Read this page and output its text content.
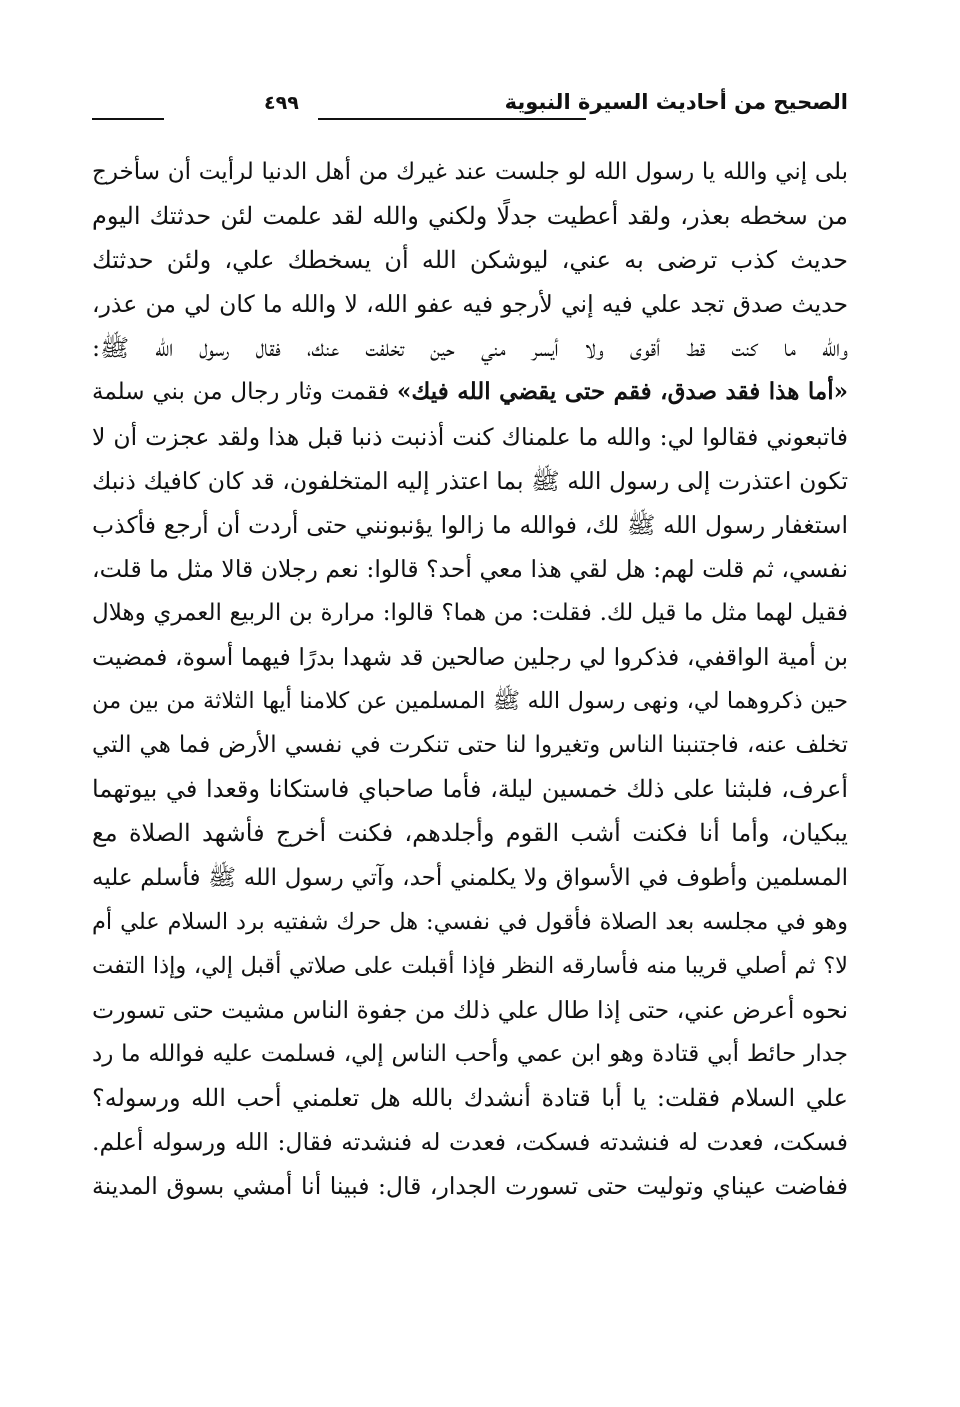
الصحيح من أحاديث السيرة النبوية
٤٩٩
بلى إني والله يا رسول الله لو جلست عند غيرك من أهل الدنيا لرأيت أن سأخرج
من سخطه بعذر، ولقد أعطيت جدلًا ولكني والله لقد علمت لئن حدثتك اليوم
حديث كذب ترضى به عني، ليوشكن الله أن يسخطك علي، ولئن حدثتك
حديث صدق تجد علي فيه إني لأرجو فيه عفو الله، لا والله ما كان لي من عذر،
والله ما كنت قط أقوى ولا أيسر مني حين تخلفت عنك، فقال رسول الله ﷺ:
«أما هذا فقد صدق، فقم حتى يقضي الله فيك» فقمت وثار رجال من بني سلمة
فاتبعوني فقالوا لي: والله ما علمناك كنت أذنبت ذنبا قبل هذا ولقد عجزت أن لا
تكون اعتذرت إلى رسول الله ﷺ بما اعتذر إليه المتخلفون، قد كان كافيك ذنبك
استغفار رسول الله ﷺ لك، فوالله ما زالوا يؤنبونني حتى أردت أن أرجع فأكذب
نفسي، ثم قلت لهم: هل لقي هذا معي أحد؟ قالوا: نعم رجلان قالا مثل ما قلت،
فقيل لهما مثل ما قيل لك. فقلت: من هما؟ قالوا: مرارة بن الربيع العمري وهلال
بن أمية الواقفي، فذكروا لي رجلين صالحين قد شهدا بدرًا فيهما أسوة، فمضيت
حين ذكروهما لي، ونهى رسول الله ﷺ المسلمين عن كلامنا أيها الثلاثة من بين من
تخلف عنه، فاجتنبنا الناس وتغيروا لنا حتى تنكرت في نفسي الأرض فما هي التي
أعرف، فلبثنا على ذلك خمسين ليلة، فأما صاحباي فاستكانا وقعدا في بيوتهما
يبكيان، وأما أنا فكنت أشب القوم وأجلدهم، فكنت أخرج فأشهد الصلاة مع
المسلمين وأطوف في الأسواق ولا يكلمني أحد، وآتي رسول الله ﷺ فأسلم عليه
وهو في مجلسه بعد الصلاة فأقول في نفسي: هل حرك شفتيه برد السلام علي أم
لا؟ ثم أصلي قريبا منه فأسارقه النظر فإذا أقبلت على صلاتي أقبل إلي، وإذا التفت
نحوه أعرض عني، حتى إذا طال علي ذلك من جفوة الناس مشيت حتى تسورت
جدار حائط أبي قتادة وهو ابن عمي وأحب الناس إلي، فسلمت عليه فوالله ما رد
علي السلام فقلت: يا أبا قتادة أنشدك بالله هل تعلمني أحب الله ورسوله؟
فسكت، فعدت له فنشدته فسكت، فعدت له فنشدته فقال: الله ورسوله أعلم.
ففاضت عيناي وتوليت حتى تسورت الجدار، قال: فبينا أنا أمشي بسوق المدينة
